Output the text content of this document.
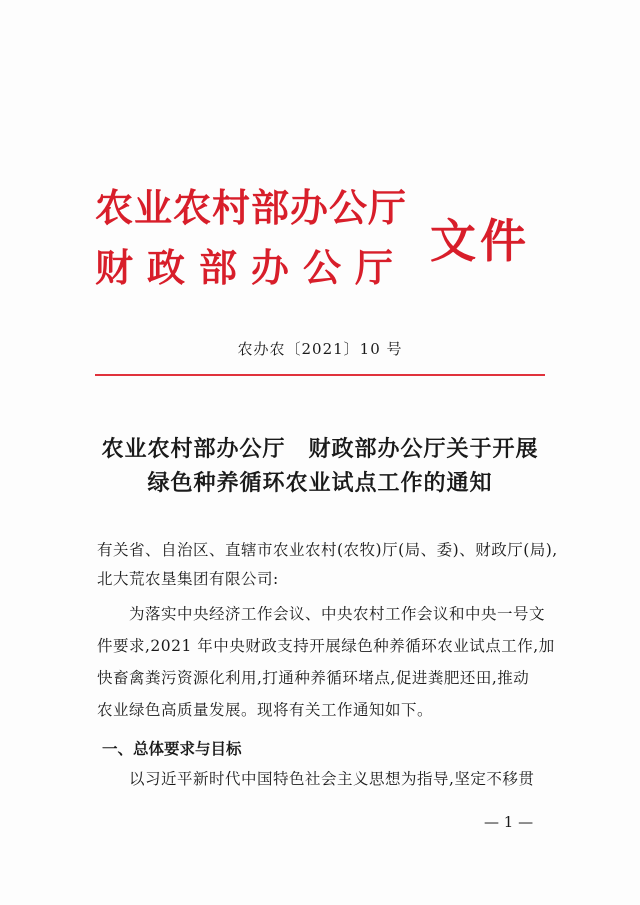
农业农村部办公厅
财政部办公厅 文件
农办农〔2021〕10 号
农业农村部办公厅　财政部办公厅关于开展
绿色种养循环农业试点工作的通知
有关省、自治区、直辖市农业农村(农牧)厅(局、委)、财政厅(局),
北大荒农垦集团有限公司:
为落实中央经济工作会议、中央农村工作会议和中央一号文
件要求,2021 年中央财政支持开展绿色种养循环农业试点工作,加
快畜禽粪污资源化利用,打通种养循环堵点,促进粪肥还田,推动
农业绿色高质量发展。现将有关工作通知如下。
一、总体要求与目标
以习近平新时代中国特色社会主义思想为指导,坚定不移贯
— 1 —
